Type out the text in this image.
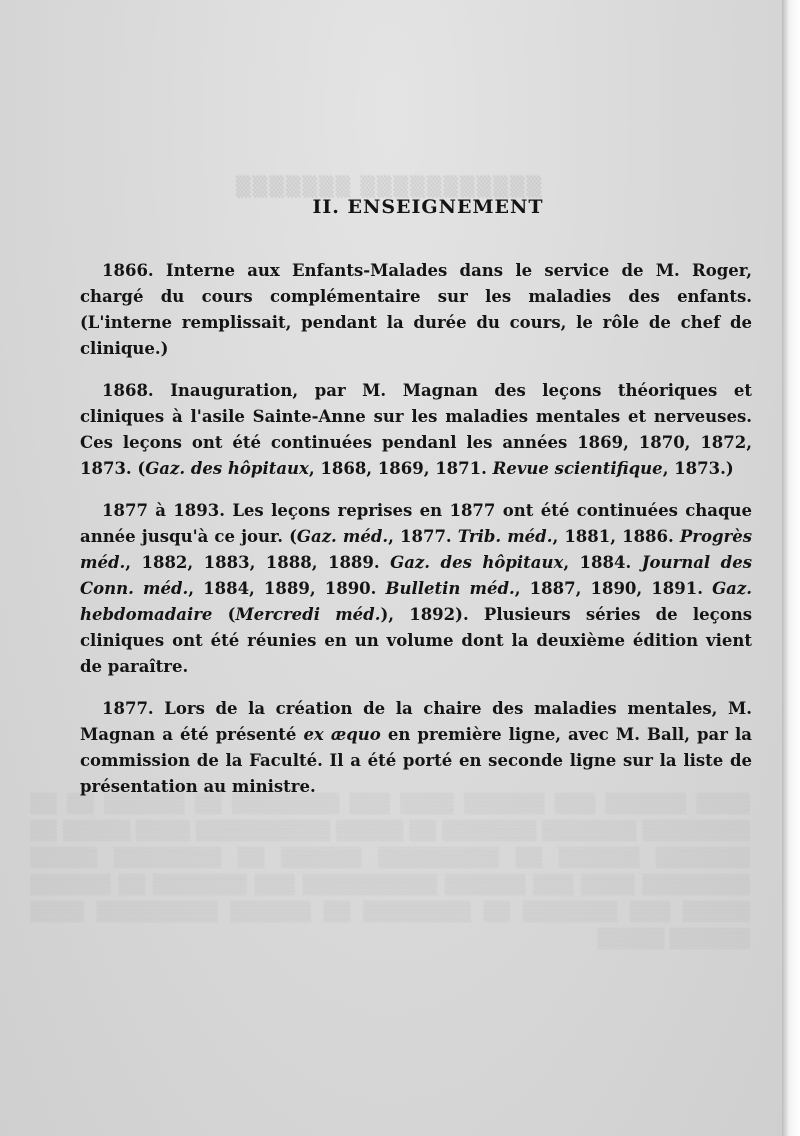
▒▒▒▒▒▒▒ ▒▒▒▒▒▒▒▒▒▒▒
▒▒▒▒ ▒▒▒▒▒▒ ▒▒▒ ▒▒▒▒▒▒ ▒▒▒▒ ▒▒▒ ▒▒▒▒▒▒▒▒ ▒▒ ▒▒▒▒▒▒ ▒▒ ▒▒ ▒▒▒▒▒▒▒▒ ▒▒▒▒▒▒▒ ▒▒▒▒▒▒▒ ▒▒ ▒▒▒▒▒ ▒▒▒▒▒▒▒▒▒▒ ▒▒▒▒ ▒▒▒▒▒ ▒▒ ▒▒▒▒▒▒▒ ▒▒▒▒▒▒ ▒▒ ▒▒▒▒▒▒▒▒▒ ▒▒▒▒▒▒ ▒▒ ▒▒▒▒▒▒▒▒ ▒▒▒▒▒ ▒▒▒▒▒▒▒▒ ▒▒▒▒ ▒▒▒ ▒▒▒▒▒▒ ▒▒▒▒▒▒▒▒▒▒ ▒▒▒ ▒▒▒▒▒▒▒ ▒▒ ▒▒▒▒▒▒ ▒▒▒▒▒ ▒▒▒ ▒▒▒▒▒▒▒ ▒▒ ▒▒▒▒▒▒▒▒ ▒▒ ▒▒▒▒▒▒ ▒▒▒▒▒▒▒▒▒ ▒▒▒▒ ▒▒▒▒▒▒ ▒▒▒▒▒
II. ENSEIGNEMENT

1866. Interne aux Enfants-Malades dans le service de M. Roger, chargé du cours complémentaire sur les maladies des enfants. (L'interne remplissait, pendant la durée du cours, le rôle de chef de clinique.)

1868. Inauguration, par M. Magnan des leçons théoriques et cliniques à l'asile Sainte-Anne sur les maladies mentales et nerveuses. Ces leçons ont été continuées pendanl les années 1869, 1870, 1872, 1873. (Gaz. des hôpitaux, 1868, 1869, 1871. Revue scientifique, 1873.)

1877 à 1893. Les leçons reprises en 1877 ont été continuées chaque année jusqu'à ce jour. (Gaz. méd., 1877. Trib. méd., 1881, 1886. Progrès méd., 1882, 1883, 1888, 1889. Gaz. des hôpitaux, 1884. Journal des Conn. méd., 1884, 1889, 1890. Bulletin méd., 1887, 1890, 1891. Gaz. hebdomadaire (Mercredi méd.), 1892). Plusieurs séries de leçons cliniques ont été réunies en un volume dont la deuxième édition vient de paraître.

1877. Lors de la création de la chaire des maladies mentales, M. Magnan a été présenté ex æquo en première ligne, avec M. Ball, par la commission de la Faculté. Il a été porté en seconde ligne sur la liste de présentation au ministre.
